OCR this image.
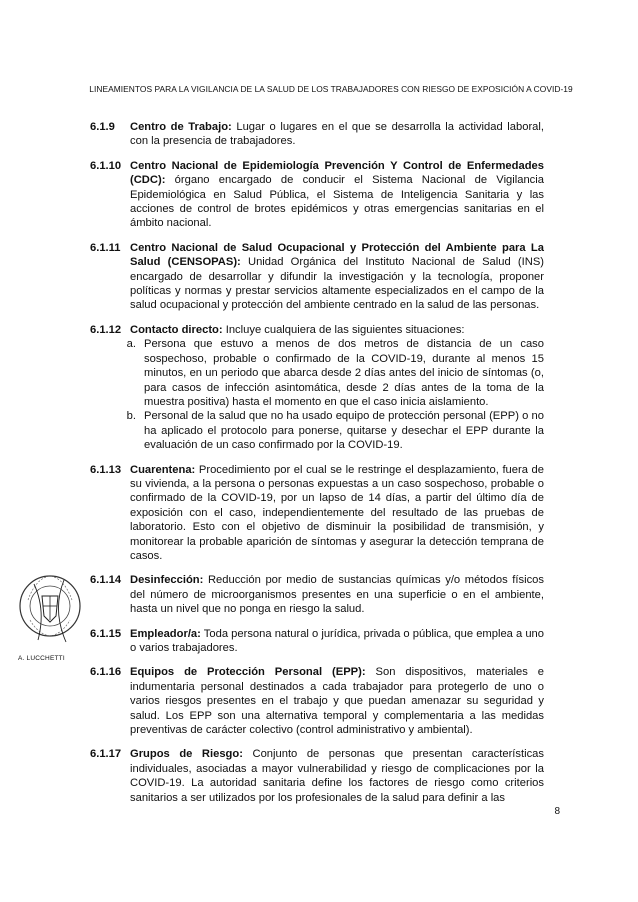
LINEAMIENTOS PARA LA VIGILANCIA DE LA SALUD DE LOS TRABAJADORES CON RIESGO DE EXPOSICIÓN A COVID-19
6.1.9	Centro de Trabajo: Lugar o lugares en el que se desarrolla la actividad laboral, con la presencia de trabajadores.
6.1.10 Centro Nacional de Epidemiología Prevención Y Control de Enfermedades (CDC): órgano encargado de conducir el Sistema Nacional de Vigilancia Epidemiológica en Salud Pública, el Sistema de Inteligencia Sanitaria y las acciones de control de brotes epidémicos y otras emergencias sanitarias en el ámbito nacional.
6.1.11 Centro Nacional de Salud Ocupacional y Protección del Ambiente para La Salud (CENSOPAS): Unidad Orgánica del Instituto Nacional de Salud (INS) encargado de desarrollar y difundir la investigación y la tecnología, proponer políticas y normas y prestar servicios altamente especializados en el campo de la salud ocupacional y protección del ambiente centrado en la salud de las personas.
6.1.12 Contacto directo: Incluye cualquiera de las siguientes situaciones:
a. Persona que estuvo a menos de dos metros de distancia de un caso sospechoso, probable o confirmado de la COVID-19, durante al menos 15 minutos, en un periodo que abarca desde 2 días antes del inicio de síntomas (o, para casos de infección asintomática, desde 2 días antes de la toma de la muestra positiva) hasta el momento en que el caso inicia aislamiento.
b. Personal de la salud que no ha usado equipo de protección personal (EPP) o no ha aplicado el protocolo para ponerse, quitarse y desechar el EPP durante la evaluación de un caso confirmado por la COVID-19.
6.1.13 Cuarentena: Procedimiento por el cual se le restringe el desplazamiento, fuera de su vivienda, a la persona o personas expuestas a un caso sospechoso, probable o confirmado de la COVID-19, por un lapso de 14 días, a partir del último día de exposición con el caso, independientemente del resultado de las pruebas de laboratorio. Esto con el objetivo de disminuir la posibilidad de transmisión, y monitorear la probable aparición de síntomas y asegurar la detección temprana de casos.
6.1.14 Desinfección: Reducción por medio de sustancias químicas y/o métodos físicos del número de microorganismos presentes en una superficie o en el ambiente, hasta un nivel que no ponga en riesgo la salud.
6.1.15 Empleador/a: Toda persona natural o jurídica, privada o pública, que emplea a uno o varios trabajadores.
6.1.16 Equipos de Protección Personal (EPP): Son dispositivos, materiales e indumentaria personal destinados a cada trabajador para protegerlo de uno o varios riesgos presentes en el trabajo y que puedan amenazar su seguridad y salud. Los EPP son una alternativa temporal y complementaria a las medidas preventivas de carácter colectivo (control administrativo y ambiental).
6.1.17 Grupos de Riesgo: Conjunto de personas que presentan características individuales, asociadas a mayor vulnerabilidad y riesgo de complicaciones por la COVID-19. La autoridad sanitaria define los factores de riesgo como criterios sanitarios a ser utilizados por los profesionales de la salud para definir a las
A. LUCCHETTI
8
